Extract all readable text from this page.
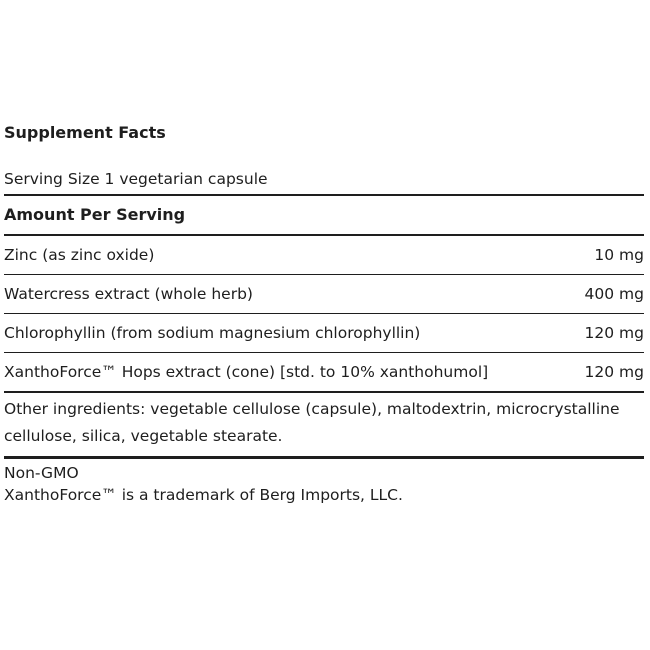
Supplement Facts
Serving Size 1 vegetarian capsule
Amount Per Serving
Zinc (as zinc oxide)	10 mg
Watercress extract (whole herb)	400 mg
Chlorophyllin (from sodium magnesium chlorophyllin)	120 mg
XanthoForce™ Hops extract (cone) [std. to 10% xanthohumol]	120 mg
Other ingredients: vegetable cellulose (capsule), maltodextrin, microcrystalline cellulose, silica, vegetable stearate.
Non-GMO
XanthoForce™ is a trademark of Berg Imports, LLC.
